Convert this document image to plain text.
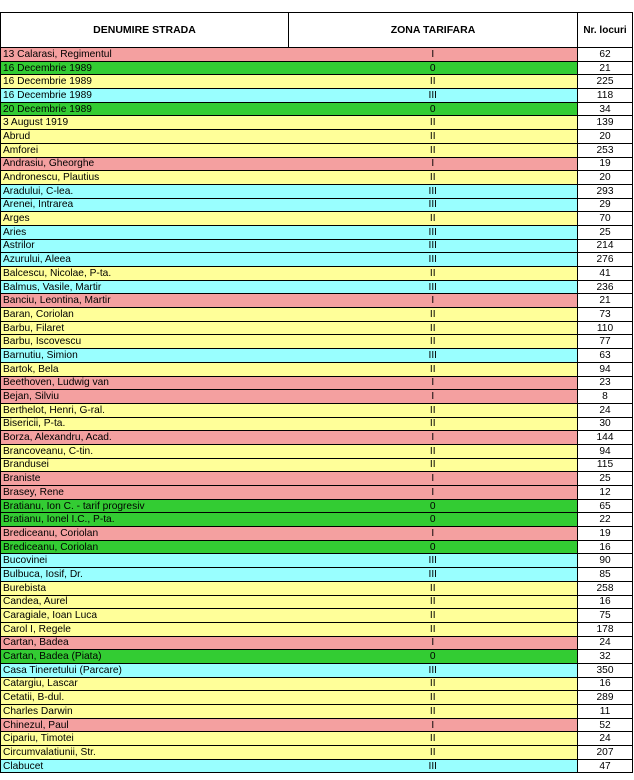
DENUMIRE STRADA	ZONA TARIFARA	Nr. locuri
13 Calarasi, Regimentul	I	62
16 Decembrie 1989	0	21
16 Decembrie 1989	II	225
16 Decembrie 1989	III	118
20 Decembrie 1989	0	34
3 August 1919	II	139
Abrud	II	20
Amforei	II	253
Andrasiu, Gheorghe	I	19
Andronescu, Plautius	II	20
Aradului, C-lea.	III	293
Arenei, Intrarea	III	29
Arges	II	70
Aries	III	25
Astrilor	III	214
Azurului, Aleea	III	276
Balcescu, Nicolae, P-ta.	II	41
Balmus, Vasile, Martir	III	236
Banciu, Leontina, Martir	I	21
Baran, Coriolan	II	73
Barbu, Filaret	II	110
Barbu, Iscovescu	II	77
Barnutiu, Simion	III	63
Bartok, Bela	II	94
Beethoven, Ludwig van	I	23
Bejan, Silviu	I	8
Berthelot, Henri, G-ral.	II	24
Bisericii, P-ta.	II	30
Borza, Alexandru, Acad.	I	144
Brancoveanu, C-tin.	II	94
Brandusei	II	115
Braniste	I	25
Brasey, Rene	I	12
Bratianu, Ion C. - tarif progresiv	0	65
Bratianu, Ionel I.C., P-ta.	0	22
Brediceanu, Coriolan	I	19
Brediceanu, Coriolan	0	16
Bucovinei	III	90
Bulbuca, Iosif, Dr.	III	85
Burebista	II	258
Candea, Aurel	II	16
Caragiale, Ioan Luca	II	75
Carol I, Regele	II	178
Cartan, Badea	I	24
Cartan, Badea (Piata)	0	32
Casa Tineretului (Parcare)	III	350
Catargiu, Lascar	II	16
Cetatii, B-dul.	II	289
Charles Darwin	II	11
Chinezul, Paul	I	52
Cipariu, Timotei	II	24
Circumvalatiunii, Str.	II	207
Clabucet	III	47
